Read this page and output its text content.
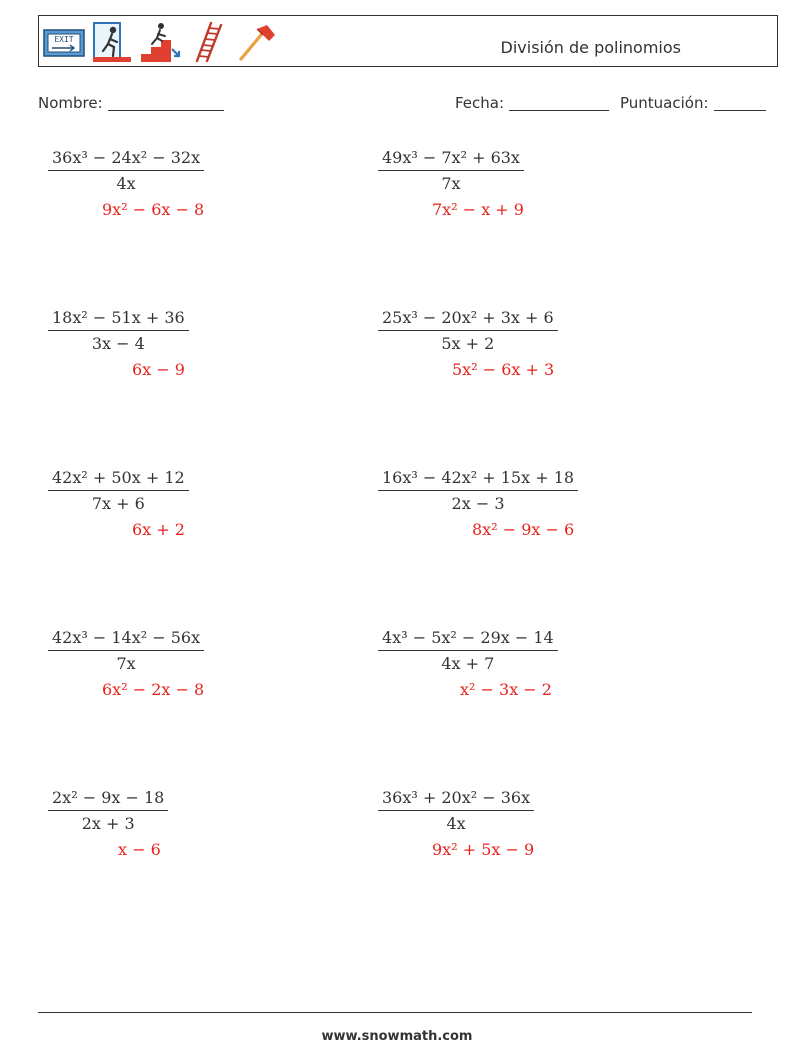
EXIT	División de polinomios
Nombre:	Fecha:	Puntuación:
$\frac{\text{36x³ − 24x² − 32x}}{4x}$
9x² − 6x − 8
$\frac{\text{49x³ − 7x² + 63x}}{7x}$
7x² − x + 9
$\frac{\text{18x² − 51x + 36}}{3x - 4}$
6x − 9
$\frac{\text{25x³ − 20x² + 3x + 6}}{5x + 2}$
5x² − 6x + 3
$\frac{\text{42x² + 50x + 12}}{7x + 6}$
6x + 2
$\frac{\text{16x³ − 42x² + 15x + 18}}{2x - 3}$
8x² − 9x − 6
$\frac{\text{42x³ − 14x² − 56x}}{7x}$
6x² − 2x − 8
$\frac{\text{4x³ − 5x² − 29x − 14}}{4x + 7}$
x² − 3x − 2
$\frac{\text{2x² − 9x − 18}}{2x + 3}$
x − 6
$\frac{\text{36x³ + 20x² − 36x}}{4x}$
9x² + 5x − 9
www.snowmath.com
